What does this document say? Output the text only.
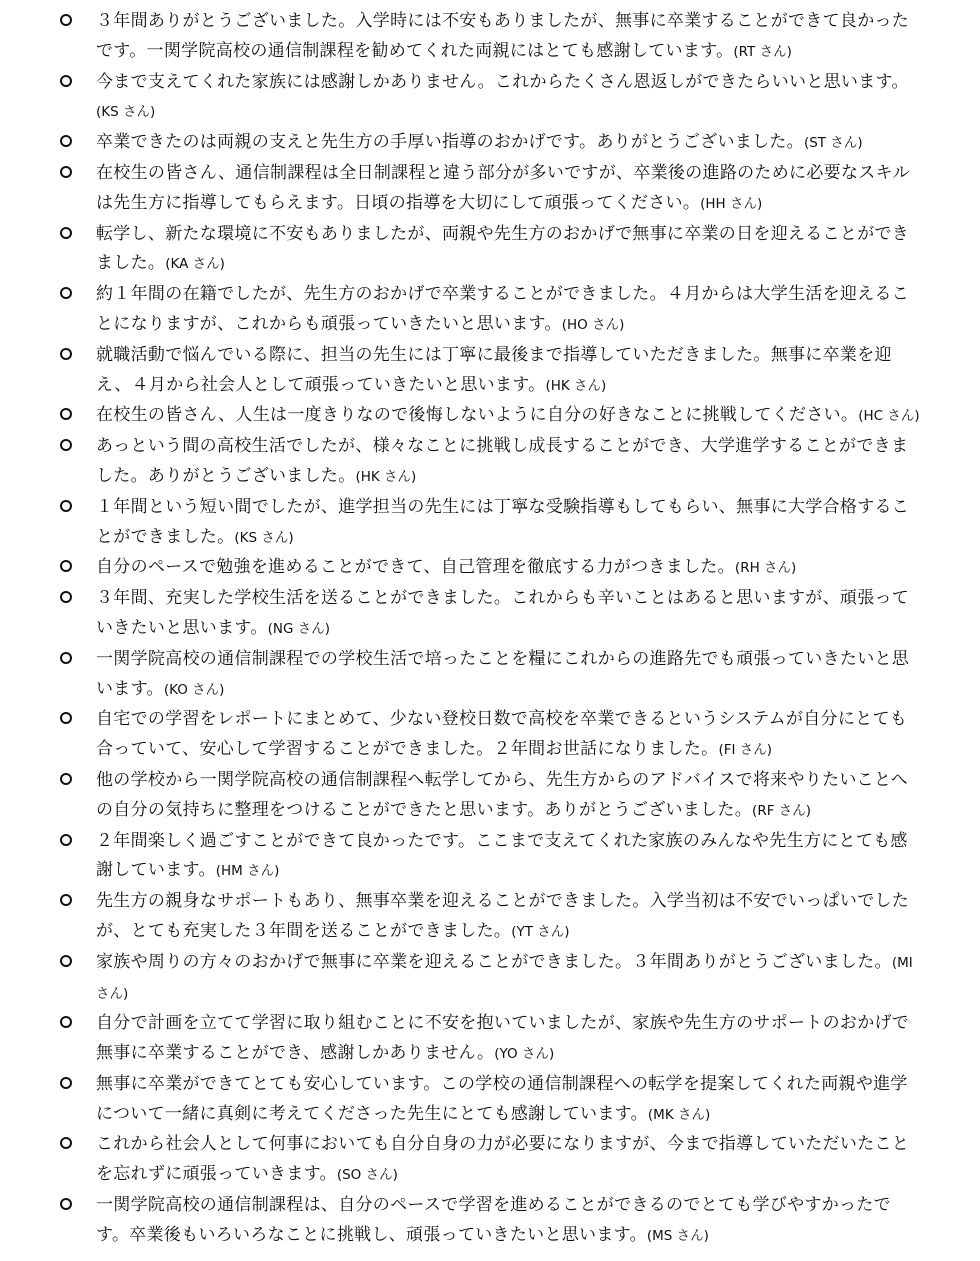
３年間ありがとうございました。入学時には不安もありましたが、無事に卒業することができて良かったです。一関学院高校の通信制課程を勧めてくれた両親にはとても感謝しています。(RT さん)
今まで支えてくれた家族には感謝しかありません。これからたくさん恩返しができたらいいと思います。(KS さん)
卒業できたのは両親の支えと先生方の手厚い指導のおかげです。ありがとうございました。(ST さん)
在校生の皆さん、通信制課程は全日制課程と違う部分が多いですが、卒業後の進路のために必要なスキルは先生方に指導してもらえます。日頃の指導を大切にして頑張ってください。(HH さん)
転学し、新たな環境に不安もありましたが、両親や先生方のおかげで無事に卒業の日を迎えることができました。(KA さん)
約１年間の在籍でしたが、先生方のおかげで卒業することができました。４月からは大学生活を迎えることになりますが、これからも頑張っていきたいと思います。(HO さん)
就職活動で悩んでいる際に、担当の先生には丁寧に最後まで指導していただきました。無事に卒業を迎え、４月から社会人として頑張っていきたいと思います。(HK さん)
在校生の皆さん、人生は一度きりなので後悔しないように自分の好きなことに挑戦してください。(HC さん)
あっという間の高校生活でしたが、様々なことに挑戦し成長することができ、大学進学することができました。ありがとうございました。(HK さん)
１年間という短い間でしたが、進学担当の先生には丁寧な受験指導もしてもらい、無事に大学合格することができました。(KS さん)
自分のペースで勉強を進めることができて、自己管理を徹底する力がつきました。(RH さん)
３年間、充実した学校生活を送ることができました。これからも辛いことはあると思いますが、頑張っていきたいと思います。(NG さん)
一関学院高校の通信制課程での学校生活で培ったことを糧にこれからの進路先でも頑張っていきたいと思います。(KO さん)
自宅での学習をレポートにまとめて、少ない登校日数で高校を卒業できるというシステムが自分にとても合っていて、安心して学習することができました。２年間お世話になりました。(FI さん)
他の学校から一関学院高校の通信制課程へ転学してから、先生方からのアドバイスで将来やりたいことへの自分の気持ちに整理をつけることができたと思います。ありがとうございました。(RF さん)
２年間楽しく過ごすことができて良かったです。ここまで支えてくれた家族のみんなや先生方にとても感謝しています。(HM さん)
先生方の親身なサポートもあり、無事卒業を迎えることができました。入学当初は不安でいっぱいでしたが、とても充実した３年間を送ることができました。(YT さん)
家族や周りの方々のおかげで無事に卒業を迎えることができました。３年間ありがとうございました。(MI さん)
自分で計画を立てて学習に取り組むことに不安を抱いていましたが、家族や先生方のサポートのおかげで無事に卒業することができ、感謝しかありません。(YO さん)
無事に卒業ができてとても安心しています。この学校の通信制課程への転学を提案してくれた両親や進学について一緒に真剣に考えてくださった先生にとても感謝しています。(MK さん)
これから社会人として何事においても自分自身の力が必要になりますが、今まで指導していただいたことを忘れずに頑張っていきます。(SO さん)
一関学院高校の通信制課程は、自分のペースで学習を進めることができるのでとても学びやすかったです。卒業後もいろいろなことに挑戦し、頑張っていきたいと思います。(MS さん)
